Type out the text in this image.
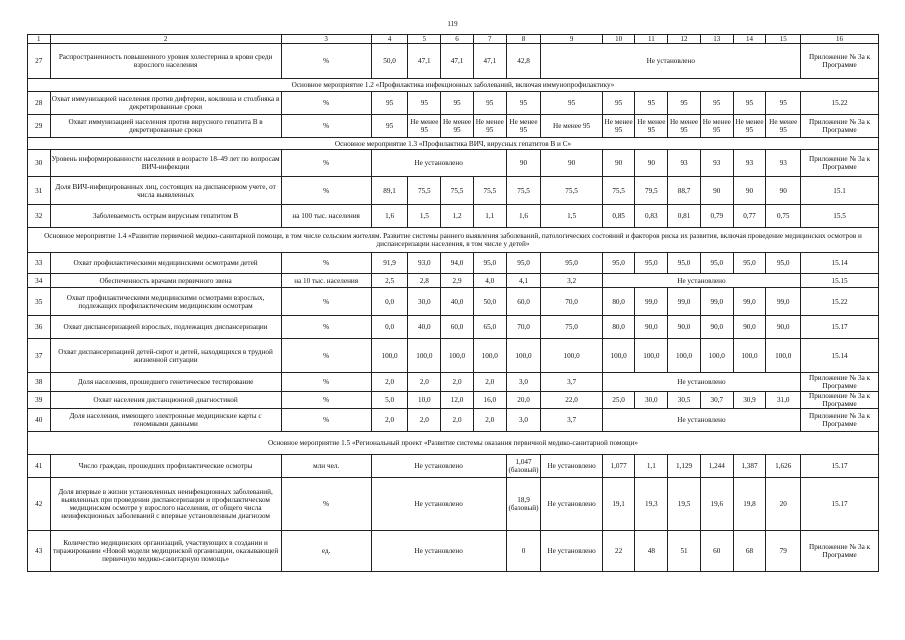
119
1	2	3	4	5	6	7	8	9	10	11	12	13	14	15	16
27	Распространенность повышенного уровня холестерина в крови среди взрослого населения	%	50,0	47,1	47,1	47,1	42,8	Не установлено							Приложение № 3а к Программе
Основное мероприятие 1.2 «Профилактика инфекционных заболеваний, включая иммунопрофилактику»															
28	Охват иммунизацией населения против дифтерии, коклюша и столбняка в декретированные сроки	%	95	95	95	95	95	95	95	95	95	95	95	95	15.22
29	Охват иммунизацией населения против вирусного гепатита В в декретированные сроки	%	95	Не менее 95	Не менее 95	Не менее 95	Не менее 95	Не менее 95	Не менее 95	Не менее 95	Не менее 95	Не менее 95	Не менее 95	Не менее 95	Приложение № 3а к Программе
Основное мероприятие 1.3 «Профилактика ВИЧ, вирусных гепатитов В и С»															
30	Уровень информированности населения в возрасте 18–49 лет по вопросам ВИЧ-инфекции	%	Не установлено				90	90	90	90	93	93	93	93	Приложение № 3а к Программе
31	Доля ВИЧ-инфицированных лиц, состоящих на диспансерном учете, от числа выявленных	%	89,1	75,5	75,5	75,5	75,5	75,5	75,5	79,5	88,7	90	90	90	15.1
32	Заболеваемость острым вирусным гепатитом В	на 100 тыс. населения	1,6	1,5	1,2	1,1	1,6	1,5	0,85	0,83	0,81	0,79	0,77	0,75	15.5
Основное мероприятие 1.4 «Развитие первичной медико-санитарной помощи, в том числе сельским жителям. Развитие системы раннего выявления заболеваний, патологических состояний и факторов риска их развития, включая проведение медицинских осмотров и диспансеризации населения, в том числе у детей»															
33	Охват профилактическими медицинскими осмотрами детей	%	91,9	93,0	94,0	95,0	95,0	95,0	95,0	95,0	95,0	95,0	95,0	95,0	15.14
34	Обеспеченность врачами первичного звена	на 10 тыс. населения	2,5	2,8	2,9	4,0	4,1	3,2	Не установлено						15.15
35	Охват профилактическими медицинскими осмотрами взрослых, подлежащих профилактическим медицинским осмотрам	%	0,0	30,0	40,0	50,0	60,0	70,0	80,0	99,0	99,0	99,0	99,0	99,0	15.22
36	Охват диспансеризацией взрослых, подлежащих диспансеризации	%	0,0	40,0	60,0	65,0	70,0	75,0	80,0	90,0	90,0	90,0	90,0	90,0	15.17
37	Охват диспансеризацией детей-сирот и детей, находящихся в трудной жизненной ситуации	%	100,0	100,0	100,0	100,0	100,0	100,0	100,0	100,0	100,0	100,0	100,0	100,0	15.14
38	Доля населения, прошедшего генетическое тестирование	%	2,0	2,0	2,0	2,0	3,0	3,7	Не установлено						Приложение № 3а к Программе
39	Охват населения дистанционной диагностикой	%	5,0	10,0	12,0	16,0	20,0	22,0	25,0	30,0	30,5	30,7	30,9	31,0	Приложение № 3а к Программе
40	Доля населения, имеющего электронные медицинские карты с геномными данными	%	2,0	2,0	2,0	2,0	3,0	3,7	Не установлено						Приложение № 3а к Программе
Основное мероприятие 1.5 «Региональный проект «Развитие системы оказания первичной медико-санитарной помощи»															
41	Число граждан, прошедших профилактические осмотры	млн чел.	Не установлено				1,047 (базовый)	Не установлено	1,077	1,1	1,129	1,244	1,387	1,626	15.17
42	Доля впервые в жизни установленных неинфекционных заболеваний, выявленных при проведении диспансеризации и профилактическом медицинском осмотре у взрослого населения, от общего числа неинфекционных заболеваний с впервые установленным диагнозом	%	Не установлено				18,9 (базовый)	Не установлено	19,1	19,3	19,5	19,6	19,8	20	15.17
43	Количество медицинских организаций, участвующих в создании и тиражировании «Новой модели медицинской организации, оказывающей первичную медико-санитарную помощь»	ед.	Не установлено				0	Не установлено	22	48	51	60	68	79	Приложение № 3а к Программе
